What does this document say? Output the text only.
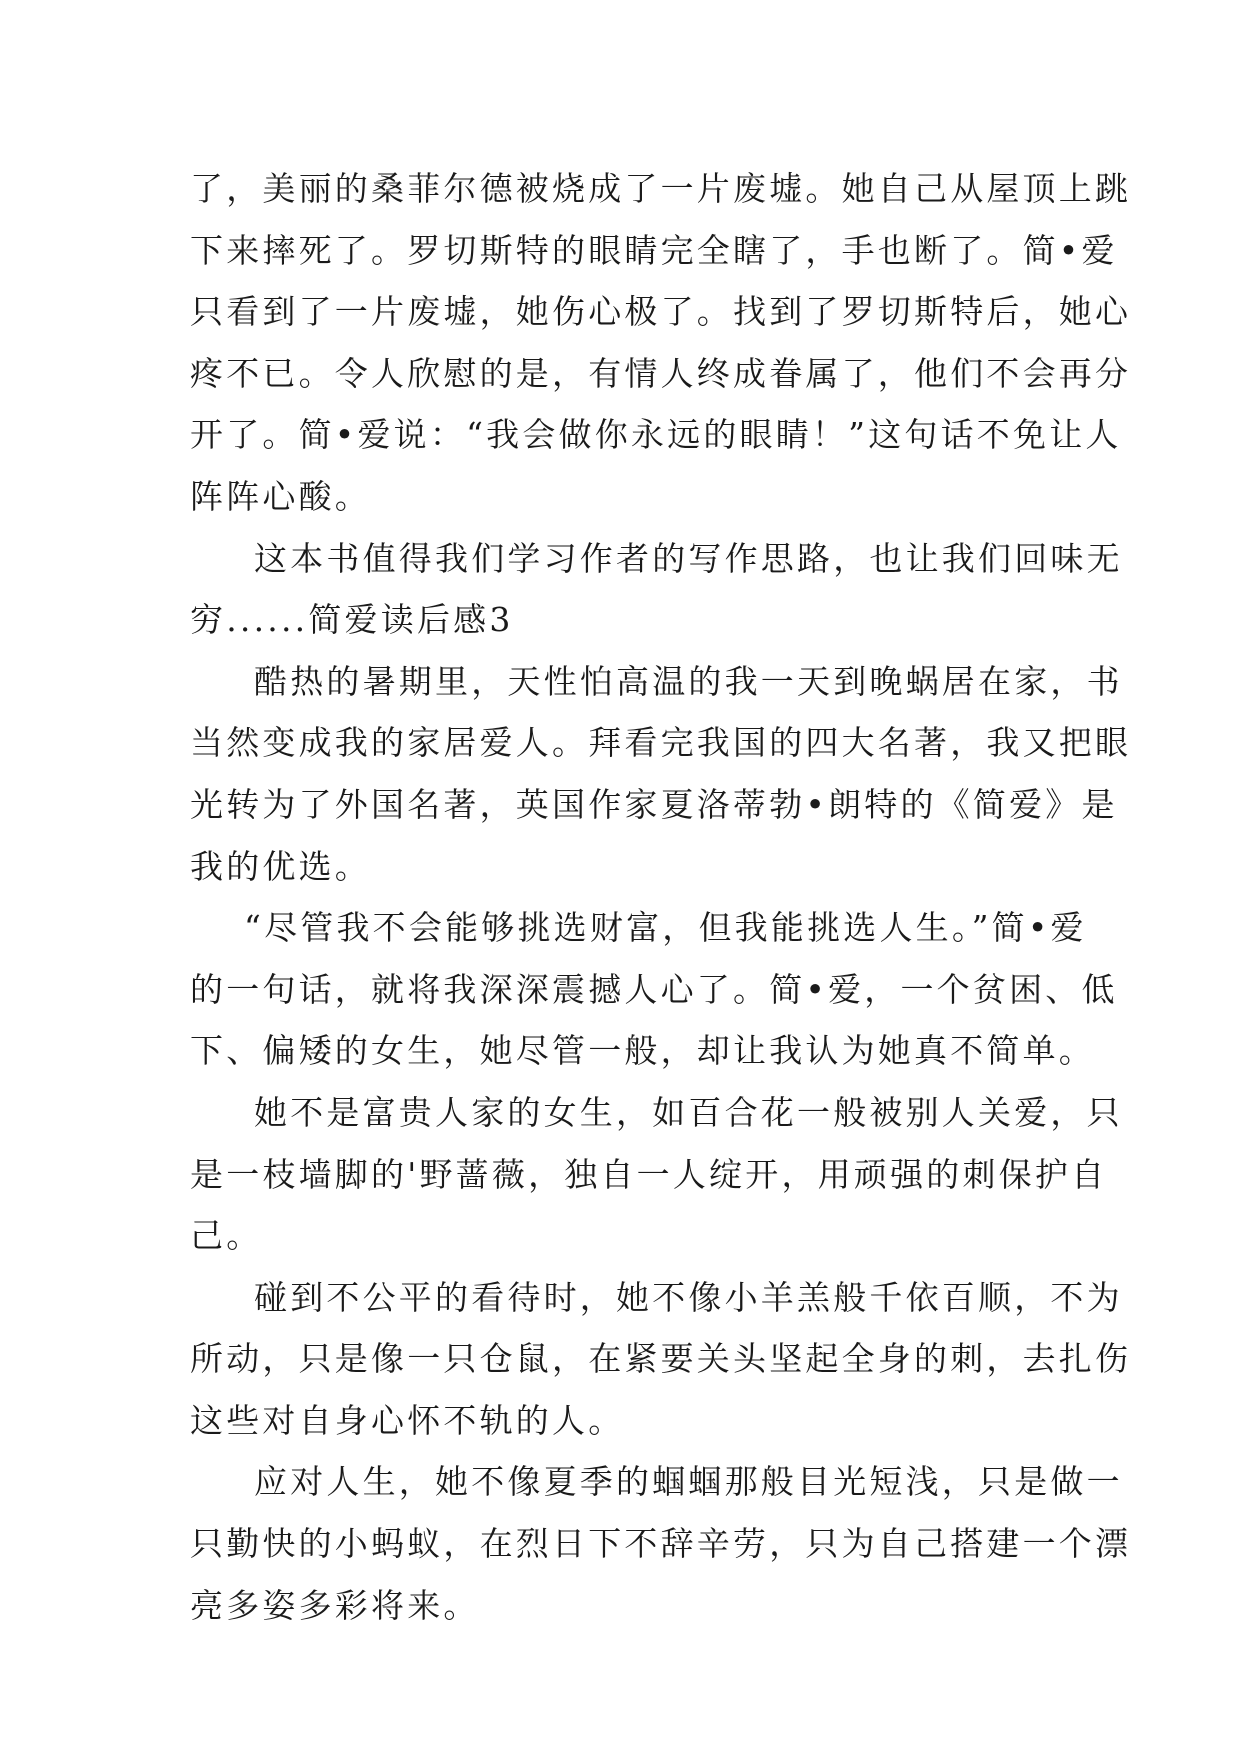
了，美丽的桑菲尔德被烧成了一片废墟。她自己从屋顶上跳
下来摔死了。罗切斯特的眼睛完全瞎了，手也断了。简•爱
只看到了一片废墟，她伤心极了。找到了罗切斯特后，她心
疼不已。令人欣慰的是，有情人终成眷属了，他们不会再分
开了。简•爱说：“我会做你永远的眼睛！”这句话不免让人
阵阵心酸。
这本书值得我们学习作者的写作思路，也让我们回味无
穷......简爱读后感3
酷热的暑期里，天性怕高温的我一天到晚蜗居在家，书
当然变成我的家居爱人。拜看完我国的四大名著，我又把眼
光转为了外国名著，英国作家夏洛蒂勃•朗特的《简爱》是
我的优选。
“尽管我不会能够挑选财富，但我能挑选人生。”简•爱
的一句话，就将我深深震撼人心了。简•爱，一个贫困、低
下、偏矮的女生，她尽管一般，却让我认为她真不简单。
她不是富贵人家的女生，如百合花一般被别人关爱，只
是一枝墙脚的'野蔷薇，独自一人绽开，用顽强的刺保护自
己。
碰到不公平的看待时，她不像小羊羔般千依百顺，不为
所动，只是像一只仓鼠，在紧要关头坚起全身的刺，去扎伤
这些对自身心怀不轨的人。
应对人生，她不像夏季的蝈蝈那般目光短浅，只是做一
只勤快的小蚂蚁，在烈日下不辞辛劳，只为自己搭建一个漂
亮多姿多彩将来。
